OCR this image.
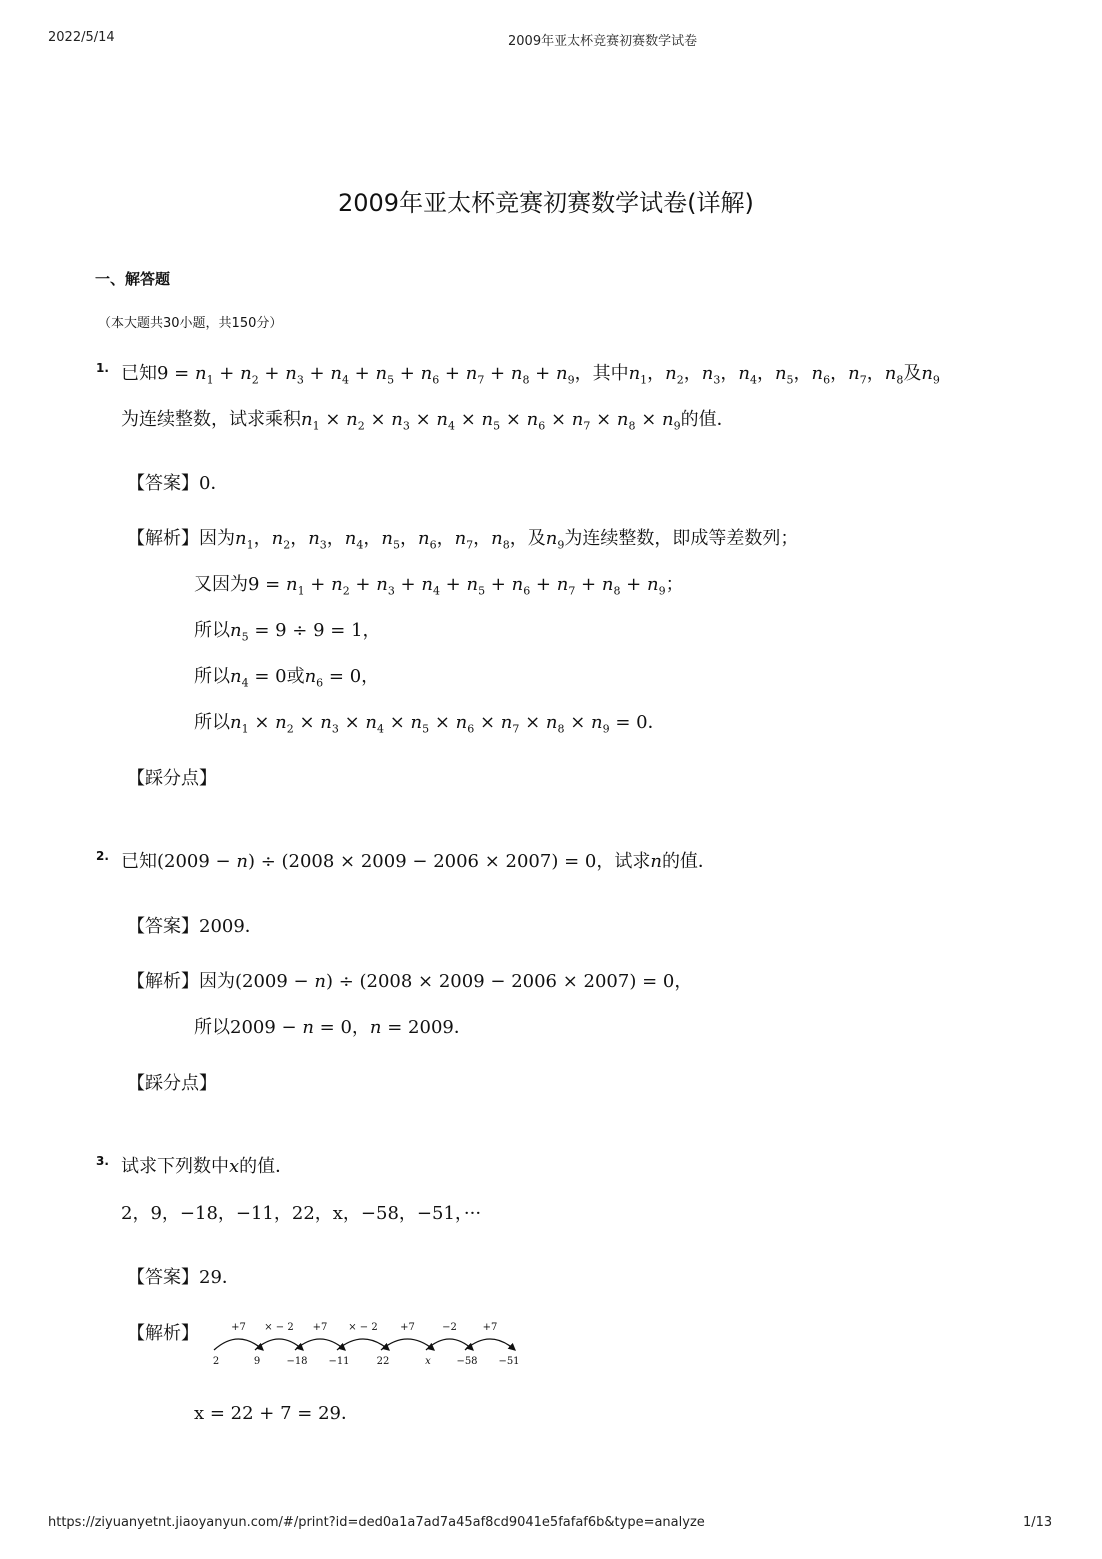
2022/5/14	2009年亚太杯竞赛初赛数学试卷
2009年亚太杯竞赛初赛数学试卷(详解)
一、解答题
（本大题共30小题，共150分）
1. 已知$9 = n_1 + n_2 + n_3 + n_4 + n_5 + n_6 + n_7 + n_8 + n_9$，其中$n_1$，$n_2$，$n_3$，$n_4$，$n_5$，$n_6$，$n_7$，$n_8$及$n_9$
为连续整数，试求乘积$n_1 \times n_2 \times n_3 \times n_4 \times n_5 \times n_6 \times n_7 \times n_8 \times n_9$的值．
【答案】0．
【解析】因为$n_1$，$n_2$，$n_3$，$n_4$，$n_5$，$n_6$，$n_7$，$n_8$，及$n_9$为连续整数，即成等差数列；
又因为$9 = n_1 + n_2 + n_3 + n_4 + n_5 + n_6 + n_7 + n_8 + n_9$；
所以$n_5 = 9 \div 9 = 1$，
所以$n_4 = 0$或$n_6 = 0$，
所以$n_1 \times n_2 \times n_3 \times n_4 \times n_5 \times n_6 \times n_7 \times n_8 \times n_9 = 0$．
【踩分点】
2. 已知(2009 − n) ÷ (2008 × 2009 − 2006 × 2007) = 0，试求n的值．
【答案】2009．
【解析】因为(2009 − n) ÷ (2008 × 2009 − 2006 × 2007) = 0，
所以2009 − n = 0，n = 2009．
【踩分点】
3. 试求下列数中x的值．
2，9，−18，−11，22，x，−58，−51，···
【答案】29．
【解析】
2	9	−18 −11	22	x	−58 −51
+7 × − 2 +7 × − 2 +7	−2	+7
x = 22 + 7 = 29．
https://ziyuanyetnt.jiaoyanyun.com/#/print?id=ded0a1a7ad7a45af8cd9041e5fafaf6b&type=analyze	1/13
